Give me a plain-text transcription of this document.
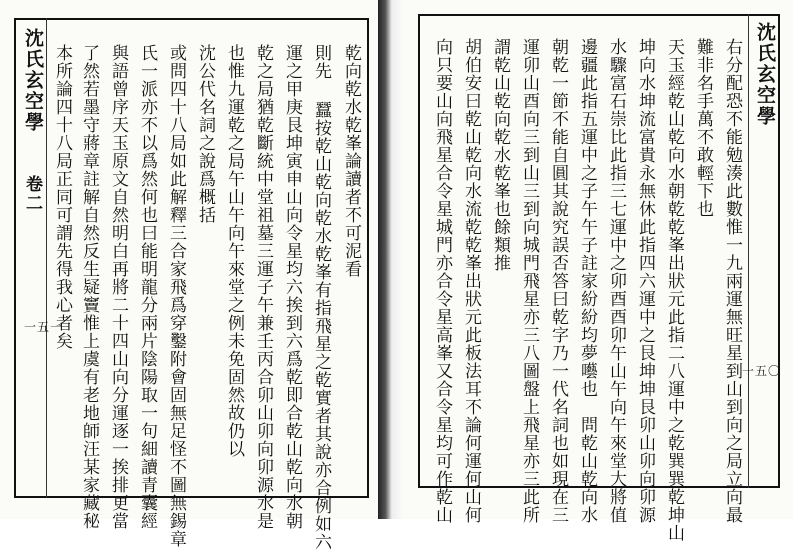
沈氏玄空學
卷二
一五一
乾向乾水乾峯論讀者不可泥看
則先 蠶按乾山乾向乾水乾峯有指飛星之乾實者其說亦合例如六
運之甲庚艮坤寅申山向令星均六挨到六爲乾即合乾山乾向水朝
乾之局猶乾斷統中堂祖墓三運子午兼壬丙合卯山卯向卯源水是
也惟九運乾之局午山午向午來堂之例未免固然故仍以
沈公代名詞之說爲概括
或問四十八局如此解釋三合家飛爲穿鑿附會固無足怪不圖無錫章
氏一派亦不以爲然何也曰能明龍分兩片陰陽取一句細讀青囊經
與語曾序天玉原文自然明白再將二十四山向分運逐一挨排更當
了然若墨守蔣章註解自然反生疑竇惟上虞有老地師汪某家藏秘
本所論四十八局正同可謂先得我心者矣	沈氏玄空學
一五〇
右分配恐不能勉湊此數惟一九兩運無旺星到山到向之局立向最
難非名手萬不敢輕下也
天玉經乾山乾向水朝乾乾峯出狀元此指二八運中之乾巽巽乾坤山
坤向水坤流富貴永無休此指四六運中之艮坤坤艮卯山卯向卯源
水驟富石崇比此指三七運中之卯酉酉卯午山午向午來堂大將值
邊疆此指五運中之子午午子註家紛紛均夢囈也　問乾山乾向水
朝乾一節不能自圓其說究誤否答曰乾字乃一代名詞也如現在三
運卯山酉向三到山三到向城門飛星亦三八圖盤上飛星亦三此所
謂乾山乾向乾水乾峯也餘類推
胡伯安曰乾山乾向水流乾乾峯出狀元此板法耳不論何運何山何
向只要山向飛星合令星城門亦合令星高峯又合令星均可作乾山
